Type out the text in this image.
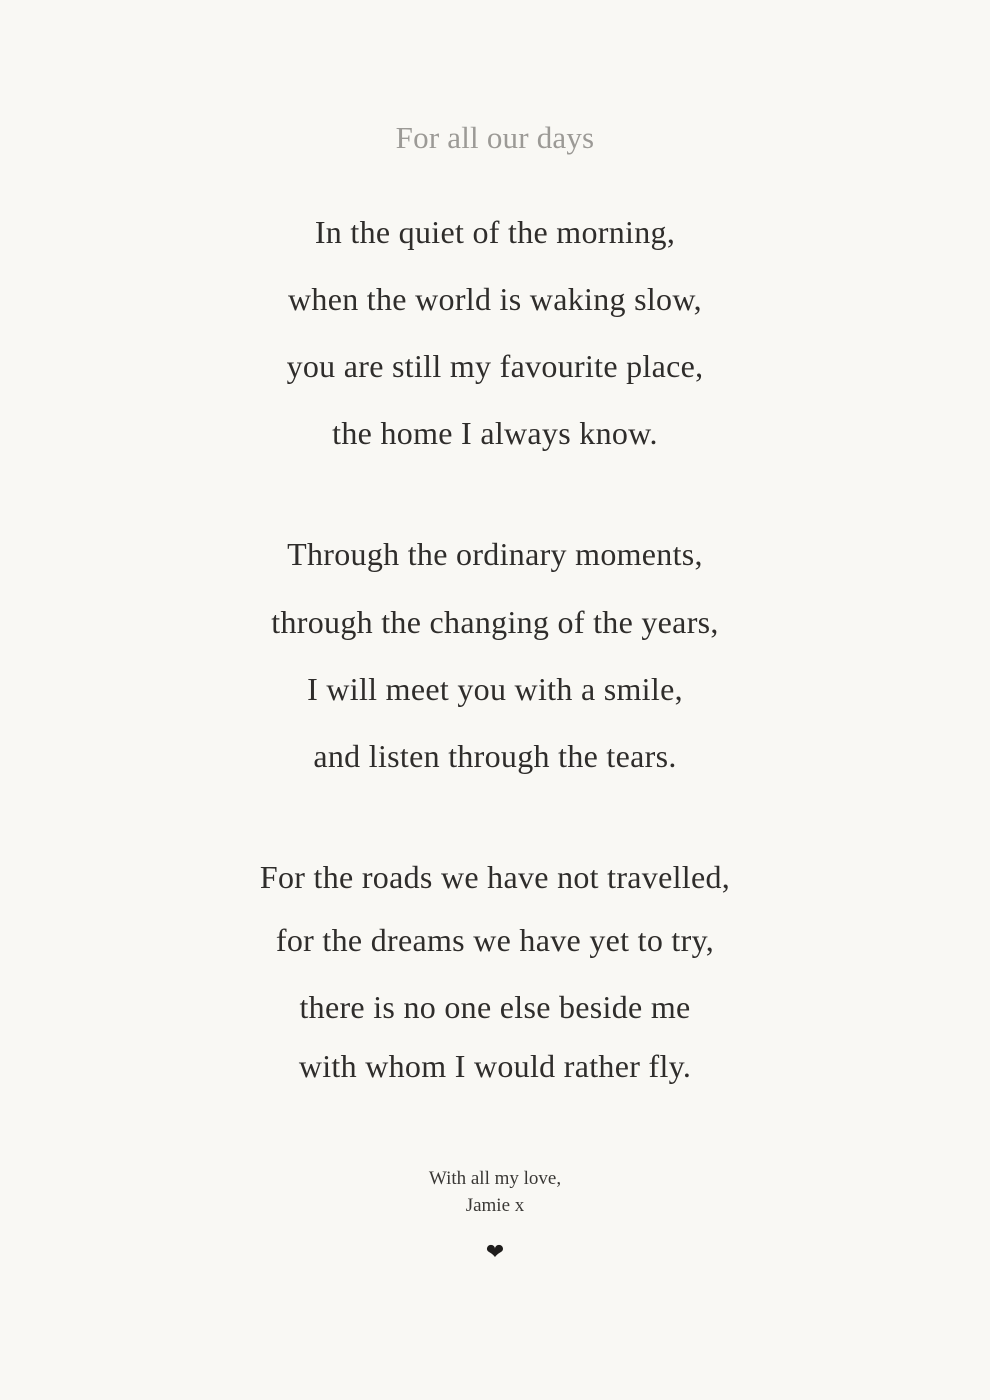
For all our days
In the quiet of the morning,
when the world is waking slow,
you are still my favourite place,
the home I always know.
Through the ordinary moments,
through the changing of the years,
I will meet you with a smile,
and listen through the tears.
For the roads we have not travelled,
for the dreams we have yet to try,
there is no one else beside me
with whom I would rather fly.
With all my love,
Jamie x
❤
